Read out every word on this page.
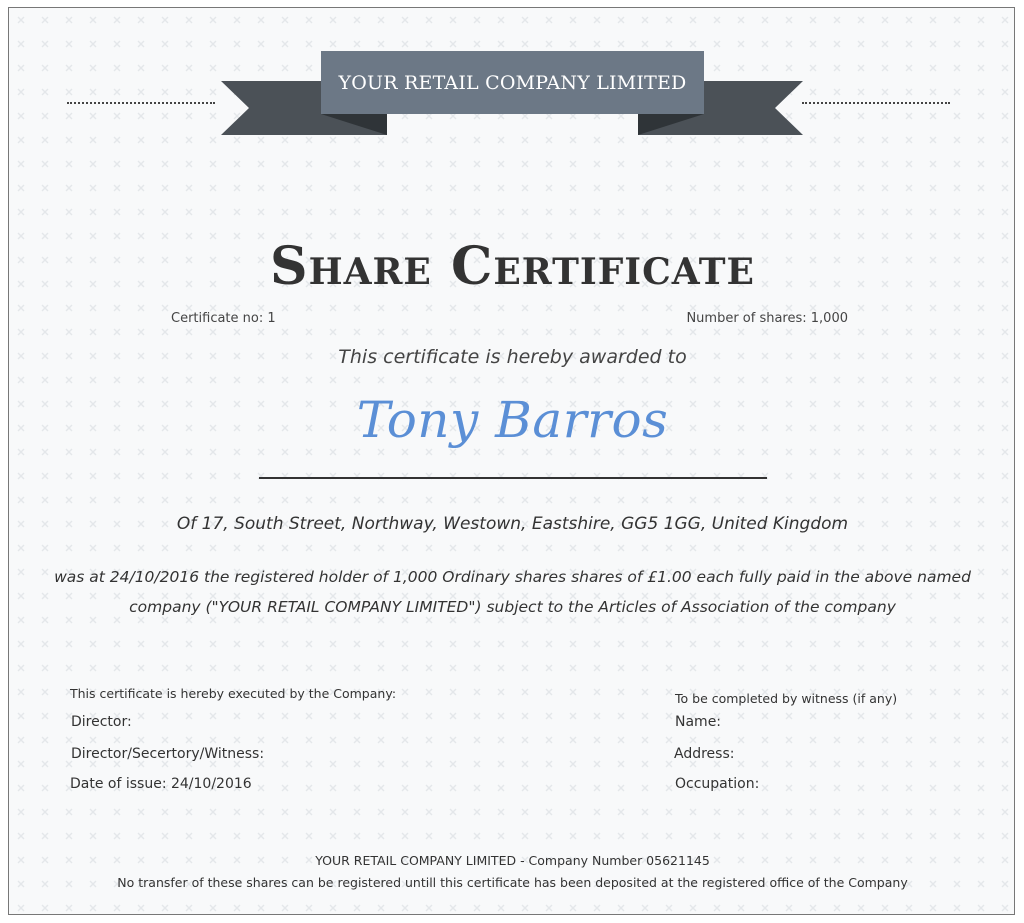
YOUR RETAIL COMPANY LIMITED
Share Certificate
Certificate no: 1	Number of shares: 1,000
This certificate is hereby awarded to
Tony Barros
Of 17, South Street, Northway, Westown, Eastshire, GG5 1GG, United Kingdom
was at 24/10/2016 the registered holder of 1,000 Ordinary shares shares of £1.00 each fully paid in the above named company ("YOUR RETAIL COMPANY LIMITED") subject to the Articles of Association of the company
This certificate is hereby executed by the Company:
Director:
Director/Secertory/Witness:
Date of issue: 24/10/2016
To be completed by witness (if any)
Name:
Address:
Occupation:
YOUR RETAIL COMPANY LIMITED - Company Number 05621145
No transfer of these shares can be registered untill this certificate has been deposited at the registered office of the Company
